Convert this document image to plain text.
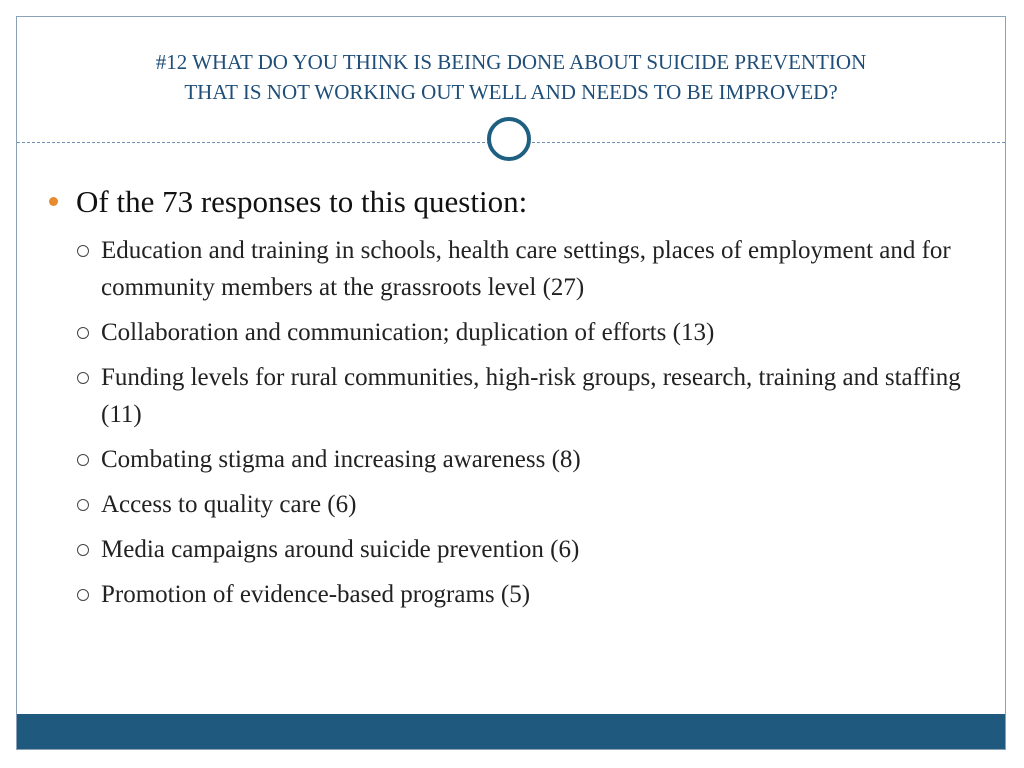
#12 WHAT DO YOU THINK IS BEING DONE ABOUT SUICIDE PREVENTION
THAT IS NOT WORKING OUT WELL AND NEEDS TO BE IMPROVED?
Of the 73 responses to this question:
Education and training in schools, health care settings, places of employment and for community members at the grassroots level (27)
Collaboration and communication; duplication of efforts (13)
Funding levels for rural communities, high-risk groups, research, training and staffing (11)
Combating stigma and increasing awareness (8)
Access to quality care (6)
Media campaigns around suicide prevention (6)
Promotion of evidence-based programs (5)
